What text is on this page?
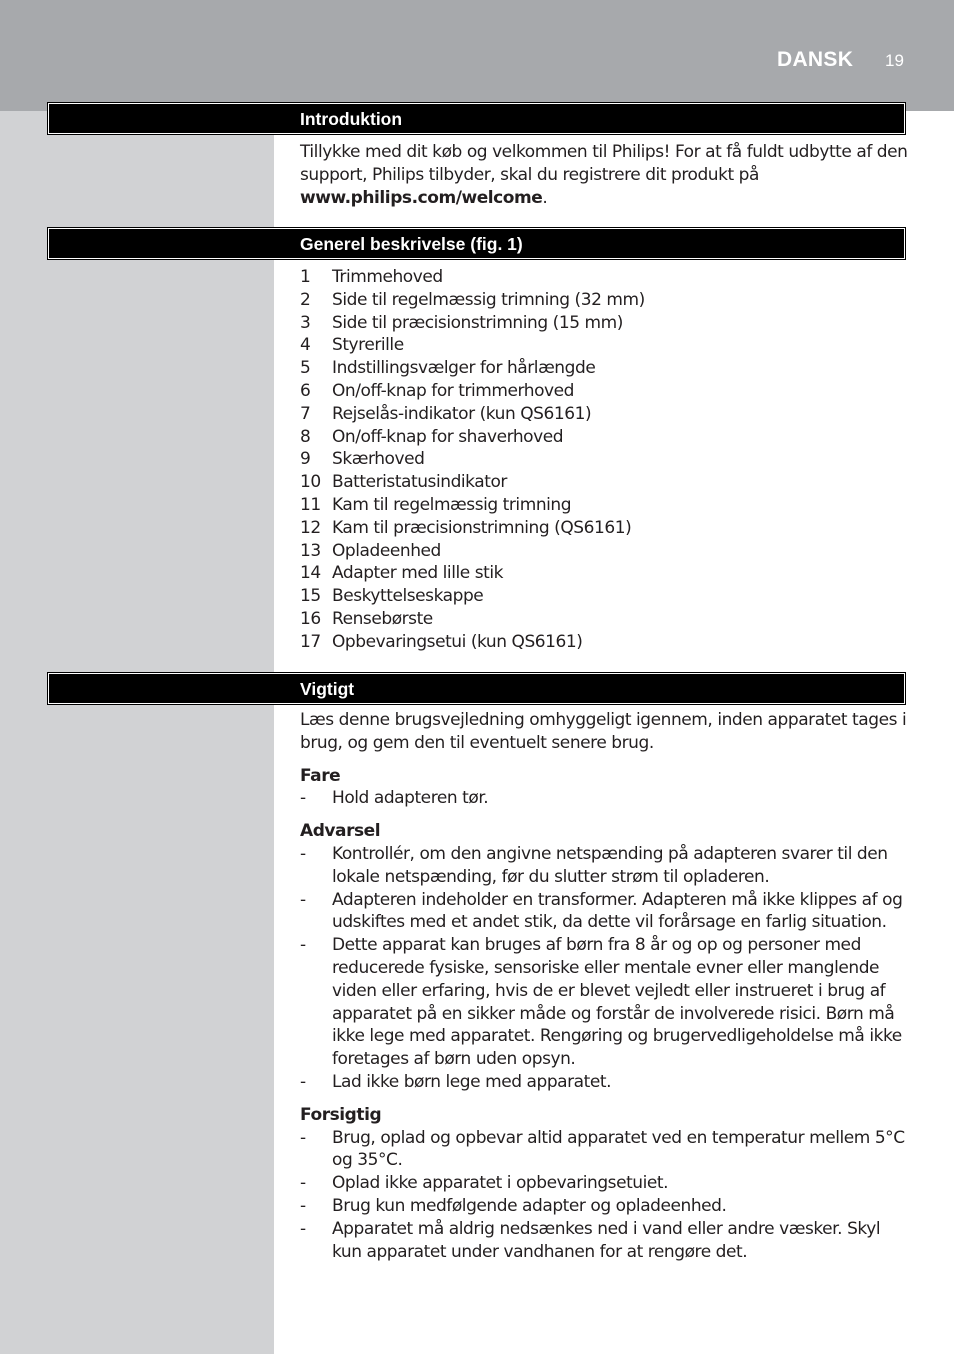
DANSK 19
Introduktion
Tillykke med dit køb og velkommen til Philips! For at få fuldt udbytte af den support, Philips tilbyder, skal du registrere dit produkt på www.philips.com/welcome.
Generel beskrivelse (fig. 1)
1 Trimmehoved
2 Side til regelmæssig trimning (32 mm)
3 Side til præcisionstrimning (15 mm)
4 Styrerille
5 Indstillingsvælger for hårlængde
6 On/off-knap for trimmerhoved
7 Rejselås-indikator (kun QS6161)
8 On/off-knap for shaverhoved
9 Skærhoved
10 Batteristatusindikator
11 Kam til regelmæssig trimning
12 Kam til præcisionstrimning (QS6161)
13 Opladeenhed
14 Adapter med lille stik
15 Beskyttelseskappe
16 Rensebørste
17 Opbevaringsetui (kun QS6161)
Vigtigt

Læs denne brugsvejledning omhyggeligt igennem, inden apparatet tages i brug, og gem den til eventuelt senere brug.

Fare

- Hold adapteren tør.

Advarsel

- Kontrollér, om den angivne netspænding på adapteren svarer til den lokale netspænding, før du slutter strøm til opladeren.
- Adapteren indeholder en transformer. Adapteren må ikke klippes af og udskiftes med et andet stik, da dette vil forårsage en farlig situation.
- Dette apparat kan bruges af børn fra 8 år og op og personer med reducerede fysiske, sensoriske eller mentale evner eller manglende viden eller erfaring, hvis de er blevet vejledt eller instrueret i brug af apparatet på en sikker måde og forstår de involverede risici. Børn må ikke lege med apparatet. Rengøring og brugervedligeholdelse må ikke foretages af børn uden opsyn.
- Lad ikke børn lege med apparatet.

Forsigtig

- Brug, oplad og opbevar altid apparatet ved en temperatur mellem 5°C og 35°C.
- Oplad ikke apparatet i opbevaringsetuiet.
- Brug kun medfølgende adapter og opladeenhed.
- Apparatet må aldrig nedsænkes ned i vand eller andre væsker. Skyl kun apparatet under vandhanen for at rengøre det.
